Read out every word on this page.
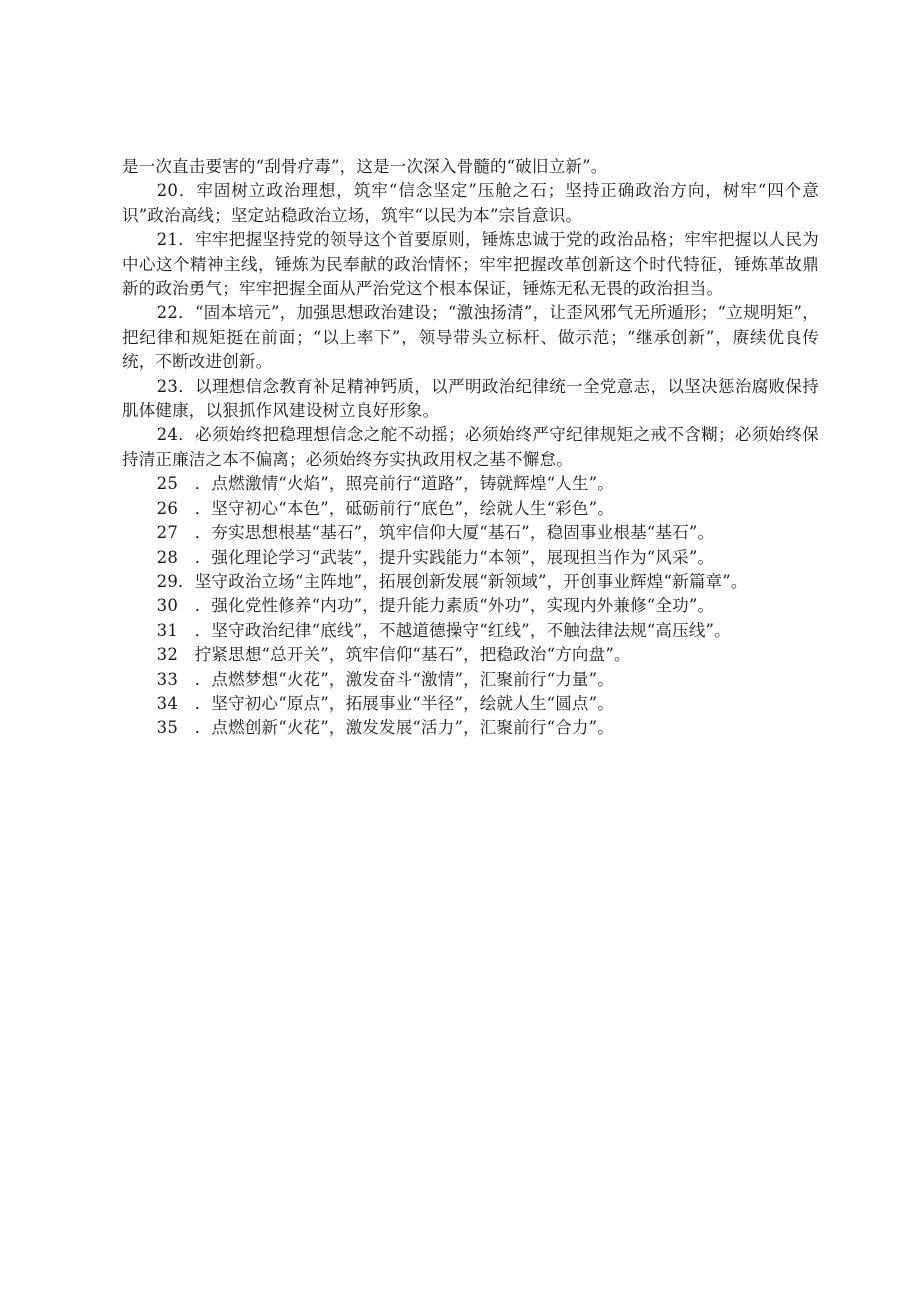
是一次直击要害的“刮骨疗毒”，这是一次深入骨髓的“破旧立新”。

20．牢固树立政治理想，筑牢“信念坚定”压舱之石；坚持正确政治方向，树牢“四个意识”政治高线；坚定站稳政治立场，筑牢“以民为本”宗旨意识。

21．牢牢把握坚持党的领导这个首要原则，锤炼忠诚于党的政治品格；牢牢把握以人民为中心这个精神主线，锤炼为民奉献的政治情怀；牢牢把握改革创新这个时代特征，锤炼革故鼎新的政治勇气；牢牢把握全面从严治党这个根本保证，锤炼无私无畏的政治担当。

22．“固本培元”，加强思想政治建设；“激浊扬清”，让歪风邪气无所遁形；“立规明矩”，把纪律和规矩挺在前面；“以上率下”，领导带头立标杆、做示范；“继承创新”，赓续优良传统，不断改进创新。

23．以理想信念教育补足精神钙质，以严明政治纪律统一全党意志，以坚决惩治腐败保持肌体健康，以狠抓作风建设树立良好形象。

24．必须始终把稳理想信念之舵不动摇；必须始终严守纪律规矩之戒不含糊；必须始终保持清正廉洁之本不偏离；必须始终夯实执政用权之基不懈怠。

25　．点燃激情“火焰”，照亮前行“道路”，铸就辉煌“人生”。

26　．坚守初心“本色”，砥砺前行“底色”，绘就人生“彩色”。

27　．夯实思想根基“基石”，筑牢信仰大厦“基石”，稳固事业根基“基石”。

28　．强化理论学习“武装”，提升实践能力“本领”，展现担当作为“风采”。

29．坚守政治立场“主阵地”，拓展创新发展“新领域”，开创事业辉煌“新篇章”。

30　．强化党性修养“内功”，提升能力素质“外功”，实现内外兼修“全功”。

31　．坚守政治纪律“底线”，不越道德操守“红线”，不触法律法规“高压线”。

32　拧紧思想“总开关”，筑牢信仰“基石”，把稳政治“方向盘”。

33　．点燃梦想“火花”，激发奋斗“激情”，汇聚前行“力量”。

34　．坚守初心“原点”，拓展事业“半径”，绘就人生“圆点”。

35　．点燃创新“火花”，激发发展“活力”，汇聚前行“合力”。
